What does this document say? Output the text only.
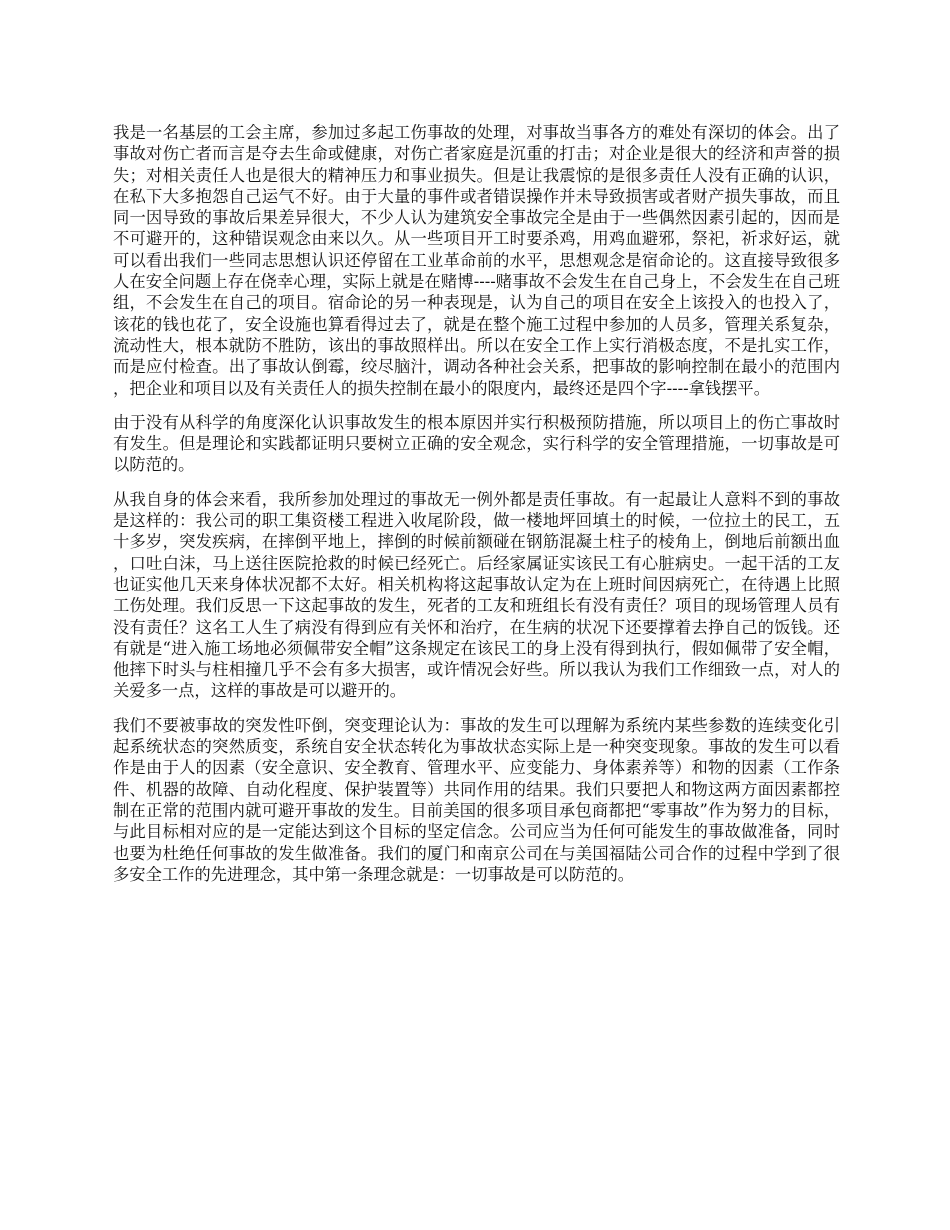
我是一名基层的工会主席，参加过多起工伤事故的处理，对事故当事各方的难处有深切的体会。出了事故对伤亡者而言是夺去生命或健康，对伤亡者家庭是沉重的打击；对企业是很大的经济和声誉的损失；对相关责任人也是很大的精神压力和事业损失。但是让我震惊的是很多责任人没有正确的认识，在私下大多抱怨自己运气不好。由于大量的事件或者错误操作并未导致损害或者财产损失事故，而且同一因导致的事故后果差异很大，不少人认为建筑安全事故完全是由于一些偶然因素引起的，因而是不可避开的，这种错误观念由来以久。从一些项目开工时要杀鸡，用鸡血避邪，祭祀，祈求好运，就可以看出我们一些同志思想认识还停留在工业革命前的水平，思想观念是宿命论的。这直接导致很多人在安全问题上存在侥幸心理，实际上就是在赌博----赌事故不会发生在自己身上，不会发生在自己班组，不会发生在自己的项目。宿命论的另一种表现是，认为自己的项目在安全上该投入的也投入了，该花的钱也花了，安全设施也算看得过去了，就是在整个施工过程中参加的人员多，管理关系复杂，流动性大，根本就防不胜防，该出的事故照样出。所以在安全工作上实行消极态度，不是扎实工作，而是应付检查。出了事故认倒霉，绞尽脑汁，调动各种社会关系，把事故的影响控制在最小的范围内，把企业和项目以及有关责任人的损失控制在最小的限度内，最终还是四个字----拿钱摆平。

由于没有从科学的角度深化认识事故发生的根本原因并实行积极预防措施，所以项目上的伤亡事故时有发生。但是理论和实践都证明只要树立正确的安全观念，实行科学的安全管理措施，一切事故是可以防范的。

从我自身的体会来看，我所参加处理过的事故无一例外都是责任事故。有一起最让人意料不到的事故是这样的：我公司的职工集资楼工程进入收尾阶段，做一楼地坪回填土的时候，一位拉土的民工，五十多岁，突发疾病，在摔倒平地上，摔倒的时候前额碰在钢筋混凝土柱子的棱角上，倒地后前额出血，口吐白沫，马上送往医院抢救的时候已经死亡。后经家属证实该民工有心脏病史。一起干活的工友也证实他几天来身体状况都不太好。相关机构将这起事故认定为在上班时间因病死亡，在待遇上比照工伤处理。我们反思一下这起事故的发生，死者的工友和班组长有没有责任？项目的现场管理人员有没有责任？这名工人生了病没有得到应有关怀和治疗，在生病的状况下还要撑着去挣自己的饭钱。还有就是“进入施工场地必须佩带安全帽”这条规定在该民工的身上没有得到执行，假如佩带了安全帽，他摔下时头与柱相撞几乎不会有多大损害，或许情况会好些。所以我认为我们工作细致一点，对人的关爱多一点，这样的事故是可以避开的。

我们不要被事故的突发性吓倒，突变理论认为：事故的发生可以理解为系统内某些参数的连续变化引起系统状态的突然质变，系统自安全状态转化为事故状态实际上是一种突变现象。事故的发生可以看作是由于人的因素（安全意识、安全教育、管理水平、应变能力、身体素养等）和物的因素（工作条件、机器的故障、自动化程度、保护装置等）共同作用的结果。我们只要把人和物这两方面因素都控制在正常的范围内就可避开事故的发生。目前美国的很多项目承包商都把“零事故”作为努力的目标，与此目标相对应的是一定能达到这个目标的坚定信念。公司应当为任何可能发生的事故做准备，同时也要为杜绝任何事故的发生做准备。我们的厦门和南京公司在与美国福陆公司合作的过程中学到了很多安全工作的先进理念，其中第一条理念就是：一切事故是可以防范的。
